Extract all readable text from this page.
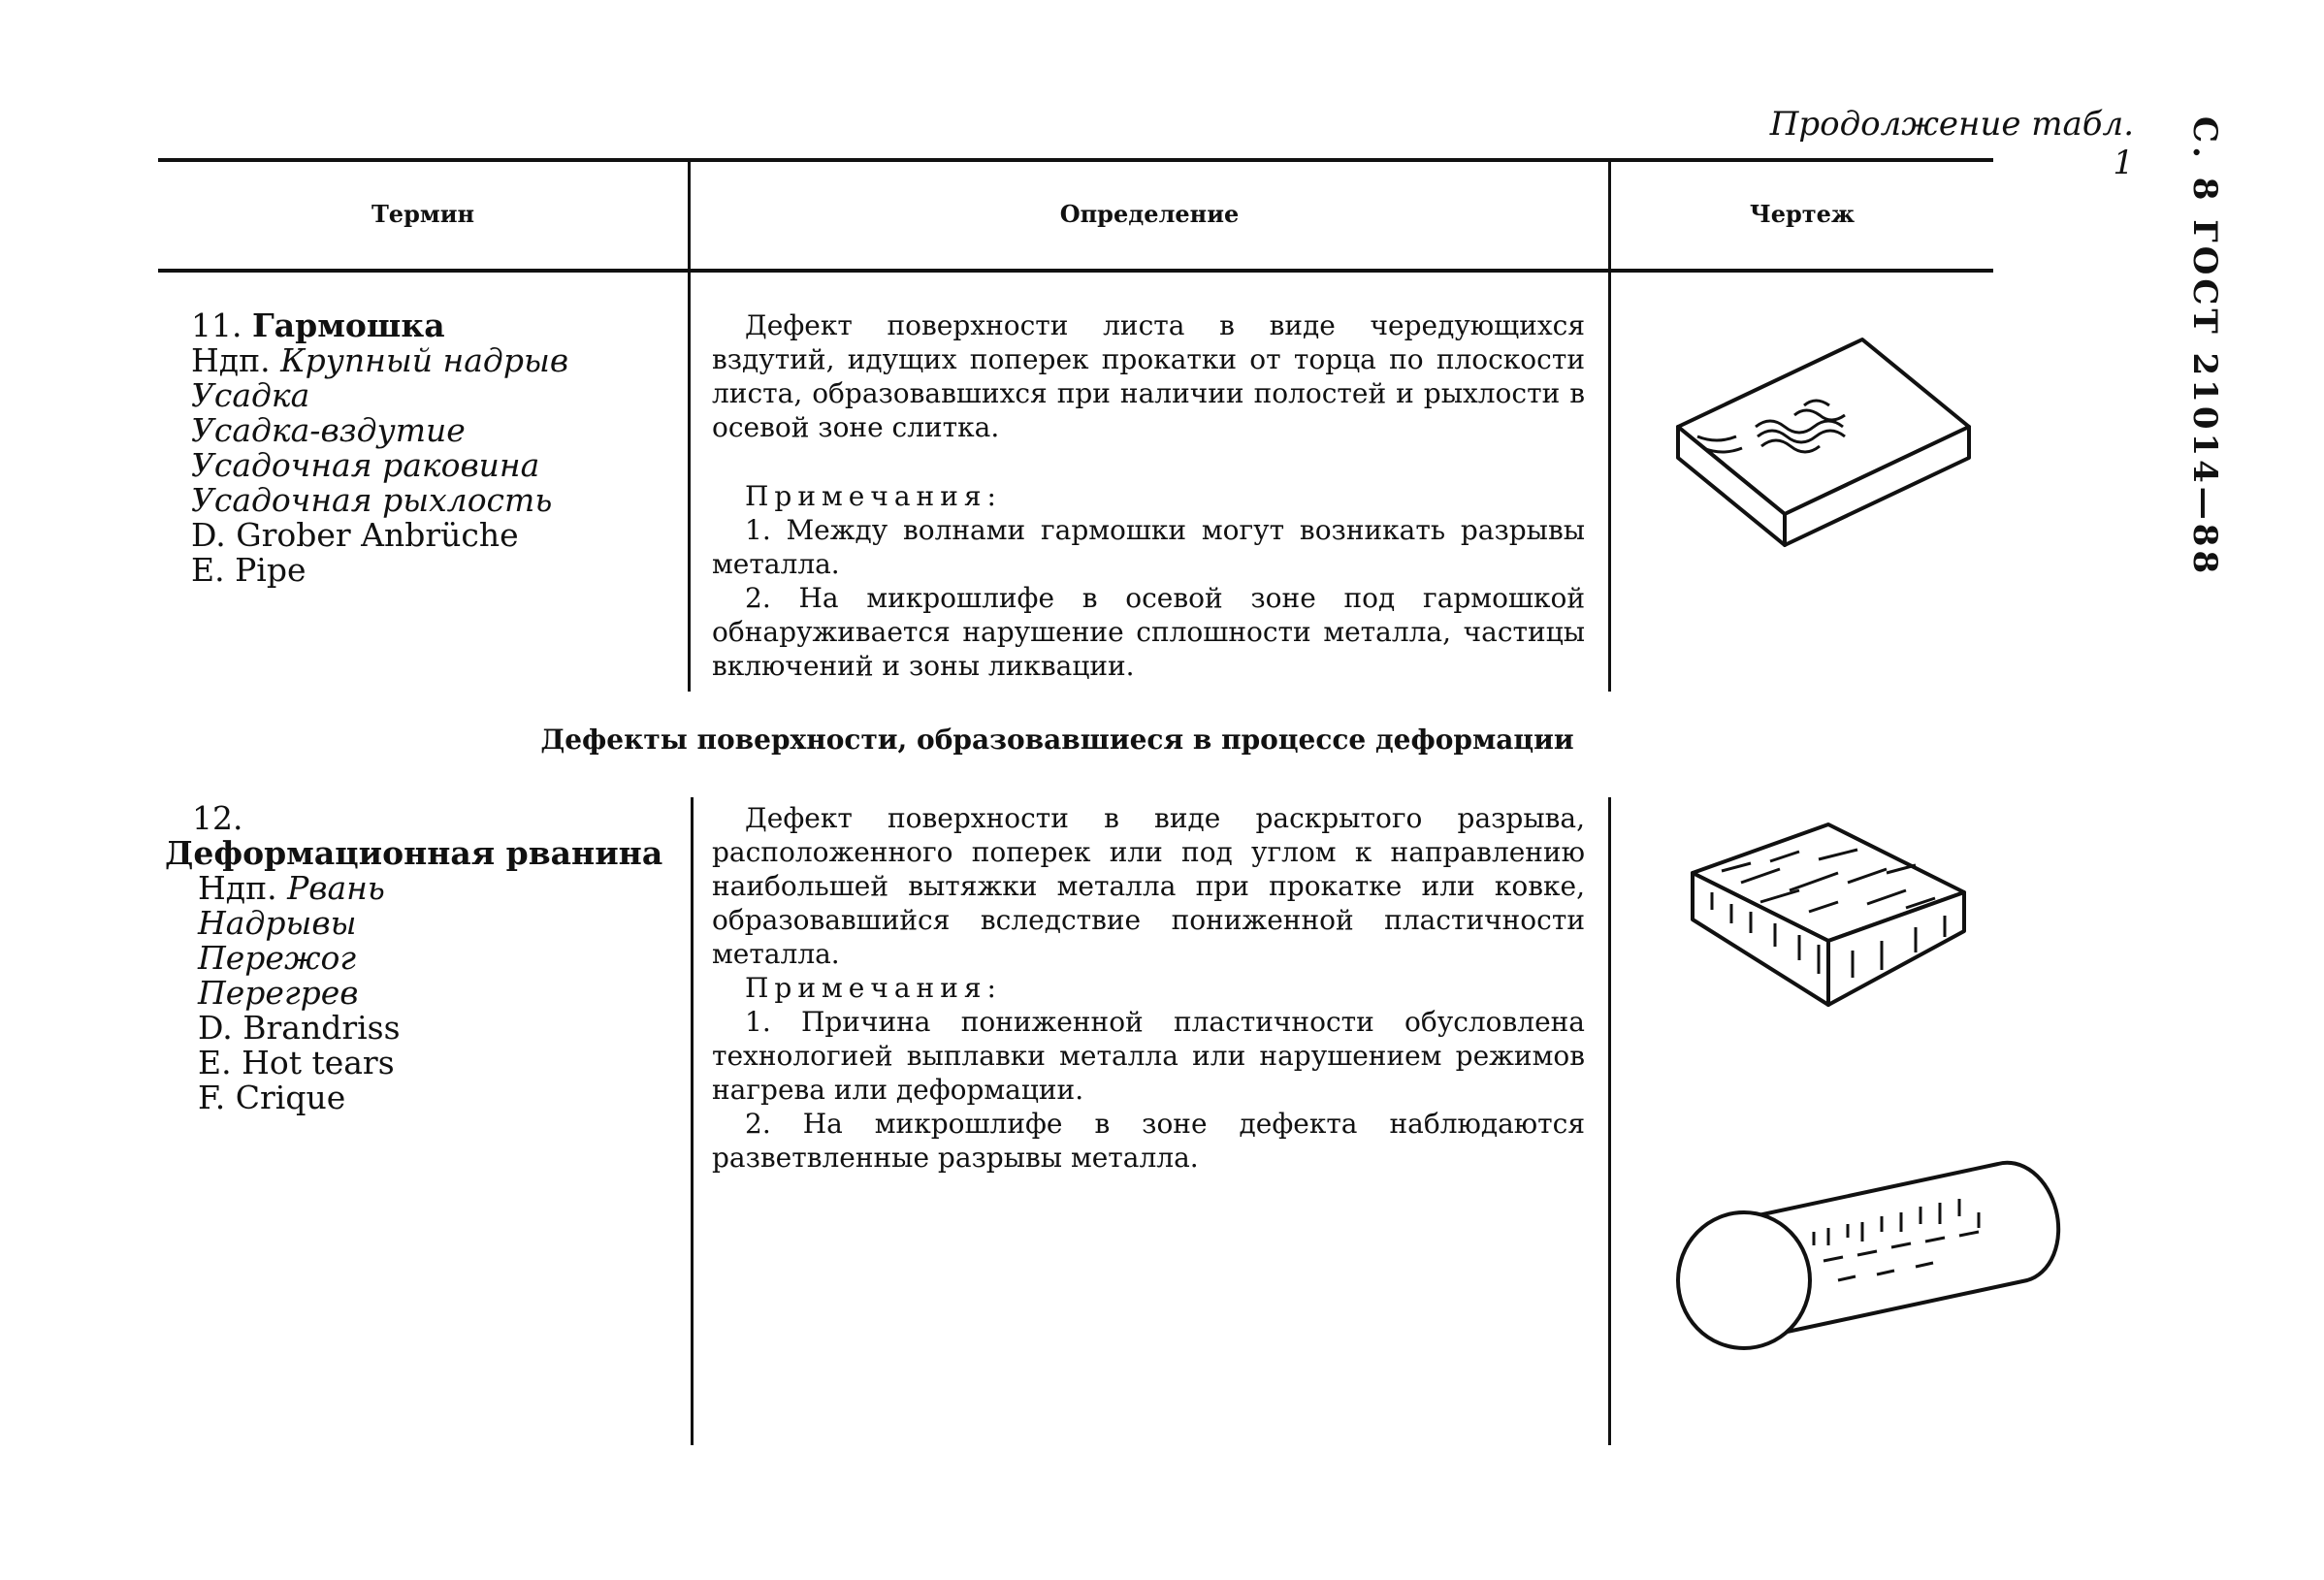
Продолжение табл. 1 С. 8 ГОСТ 21014—88
Термин	Определение	Чертеж
11. Гармошка
Ндп. Крупный надрыв
Усадка
Усадка-вздутие
Усадочная раковина
Усадочная рыхлость
D. Grober Anbrüche
E. Pipe

Дефект поверхности листа в виде чередующихся вздутий, идущих поперек прокатки от торца по плоскости листа, образовавшихся при наличии полостей и рыхлости в осевой зоне слитка.

Примечания:

1. Между волнами гармошки могут возникать разрывы металла.

2. На микрошлифе в осевой зоне под гармошкой обнаруживается нарушение сплошности металла, частицы включений и зоны ликвации.

Дефекты поверхности, образовавшиеся в процессе деформации
12.
Деформационная рванина
Ндп. Рвань
Надрывы
Пережог
Перегрев
D. Brandriss
E. Hot tears
F. Crique

Дефект поверхности в виде раскрытого разрыва, расположенного поперек или под углом к направлению наибольшей вытяжки металла при прокатке или ковке, образовавшийся вследствие пониженной пластичности металла.

Примечания:

1. Причина пониженной пластичности обусловлена технологией выплавки металла или нарушением режимов нагрева или деформации.

2. На микрошлифе в зоне дефекта наблюдаются разветвленные разрывы металла.
